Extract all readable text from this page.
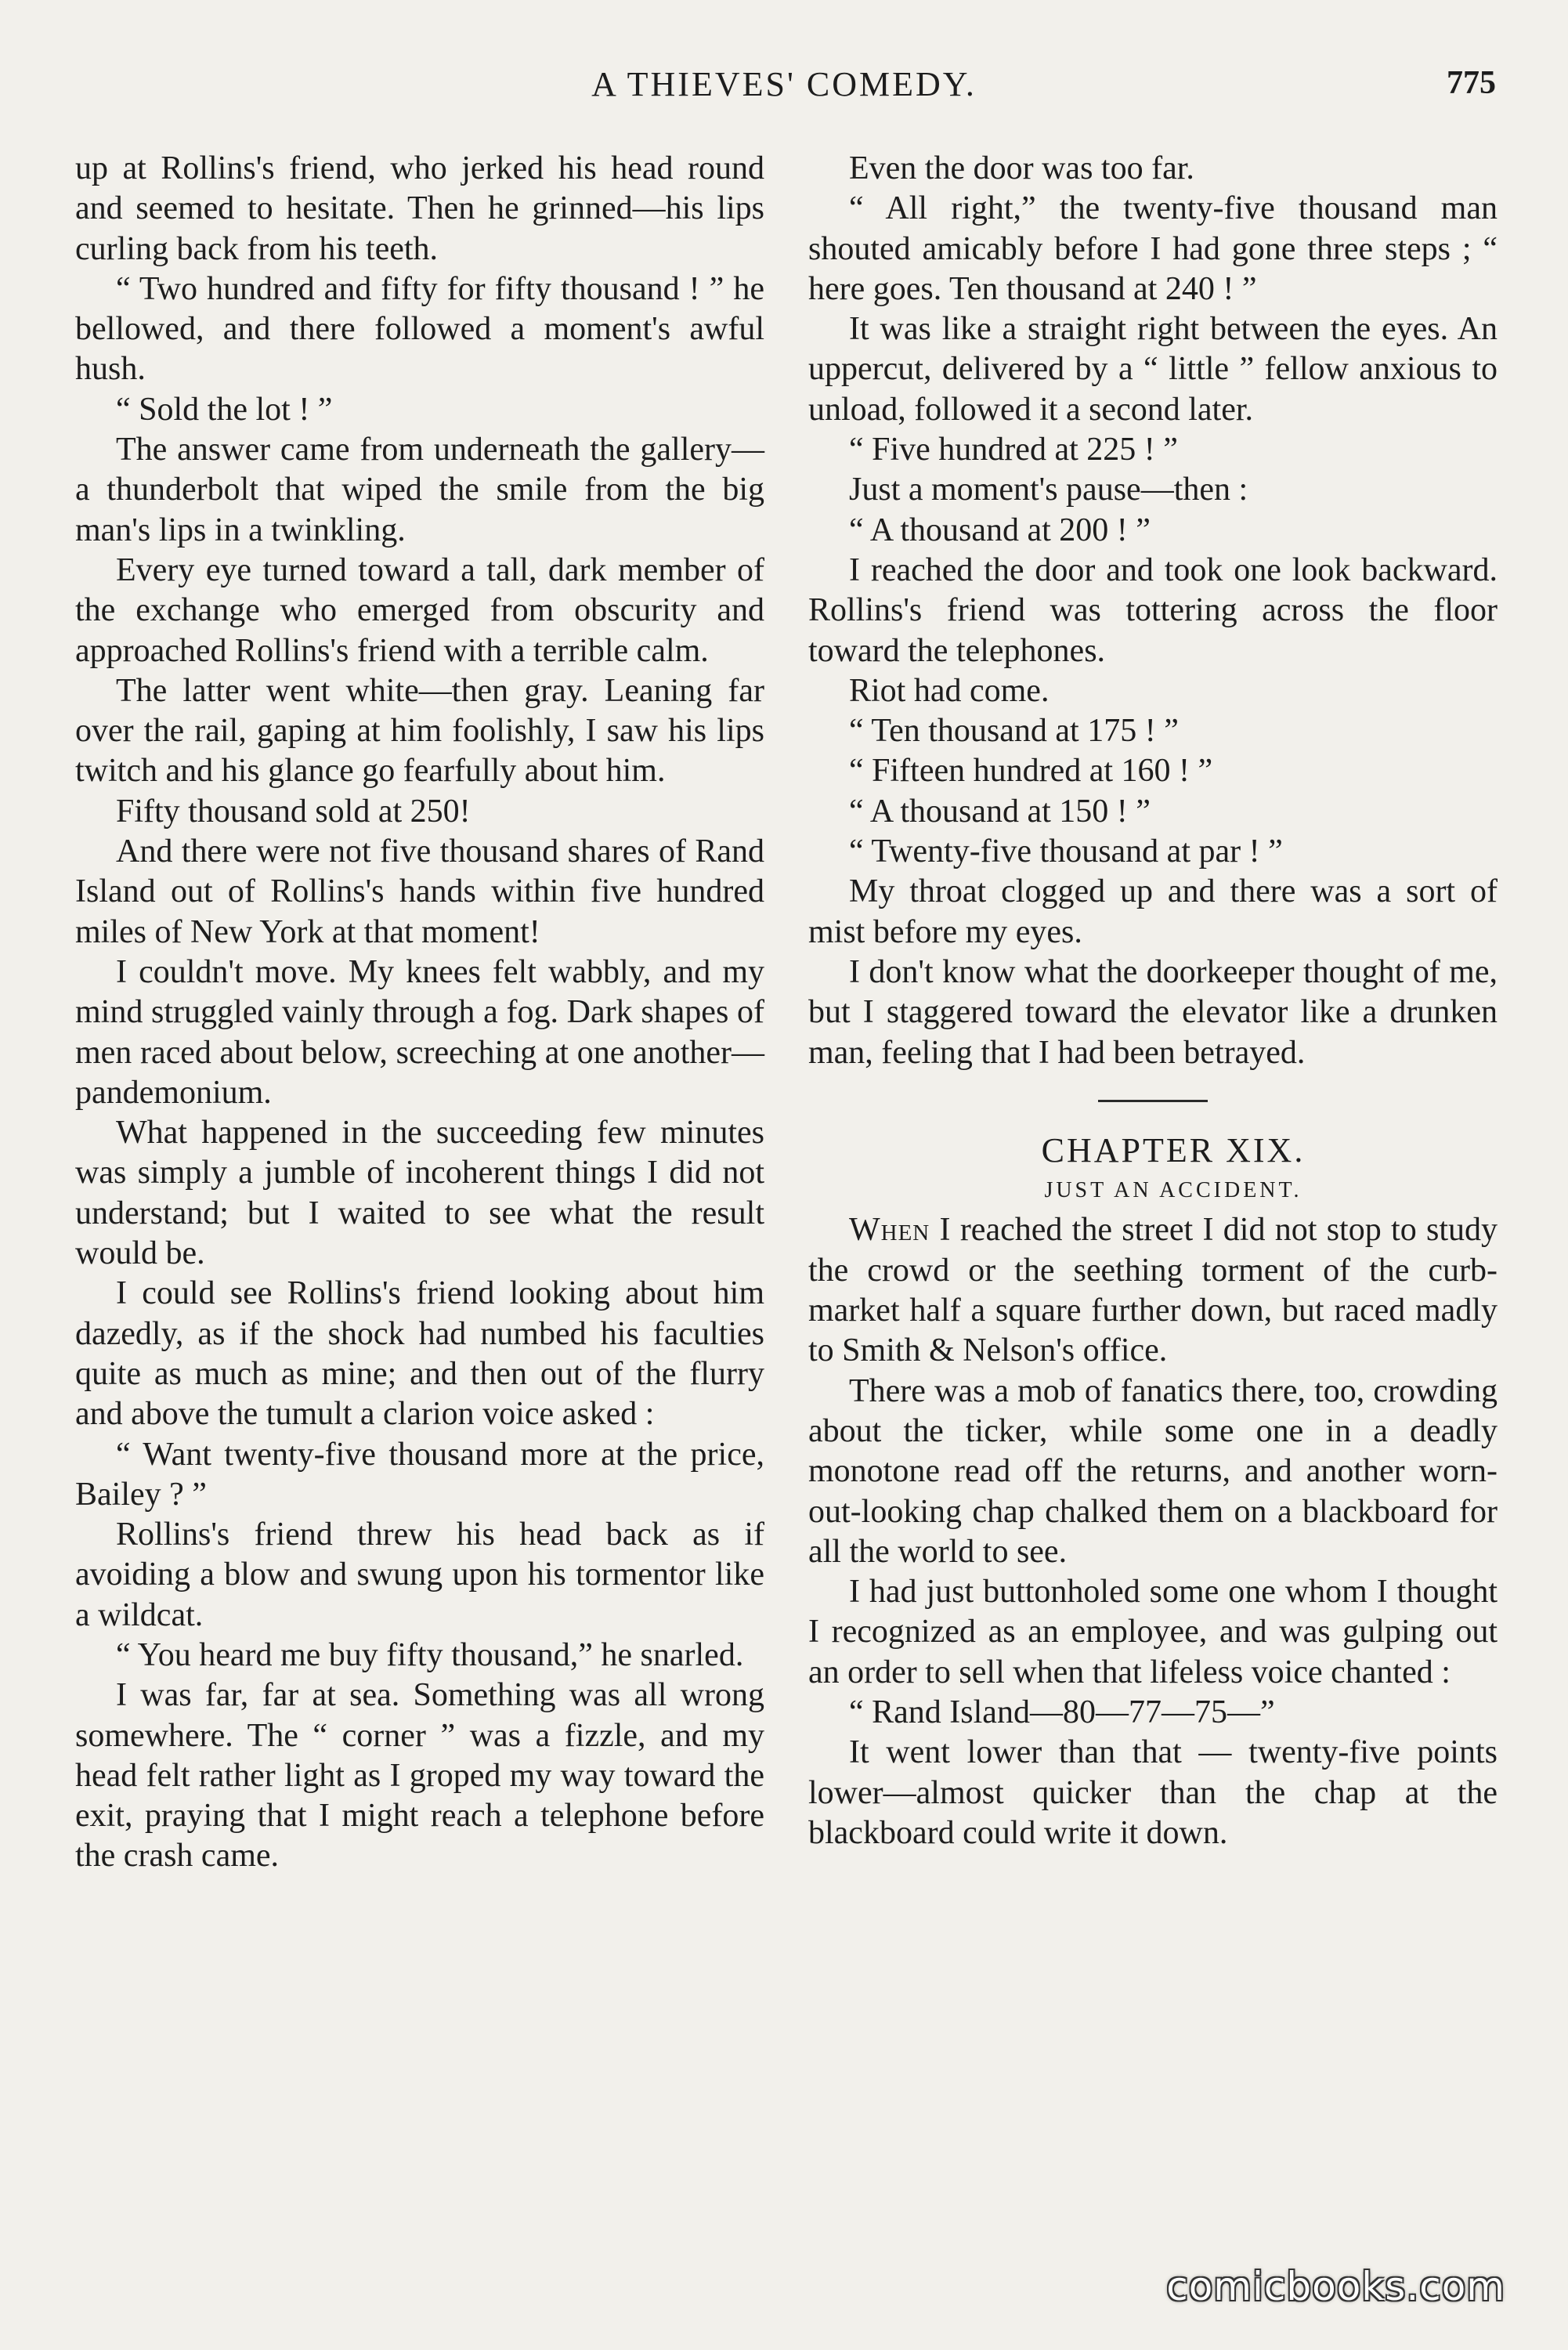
A THIEVES' COMEDY.	775

up at Rollins's friend, who jerked his head round and seemed to hesitate. Then he grinned—his lips curling back from his teeth.

“ Two hundred and fifty for fifty thousand ! ” he bellowed, and there followed a moment's awful hush.

“ Sold the lot ! ”

The answer came from underneath the gallery—a thunderbolt that wiped the smile from the big man's lips in a twinkling.

Every eye turned toward a tall, dark member of the exchange who emerged from obscurity and approached Rollins's friend with a terrible calm.

The latter went white—then gray. Leaning far over the rail, gaping at him foolishly, I saw his lips twitch and his glance go fearfully about him.

Fifty thousand sold at 250!

And there were not five thousand shares of Rand Island out of Rollins's hands within five hundred miles of New York at that moment!

I couldn't move. My knees felt wabbly, and my mind struggled vainly through a fog. Dark shapes of men raced about below, screeching at one another—pandemonium.

What happened in the succeeding few minutes was simply a jumble of incoherent things I did not understand; but I waited to see what the result would be.

I could see Rollins's friend looking about him dazedly, as if the shock had numbed his faculties quite as much as mine; and then out of the flurry and above the tumult a clarion voice asked :

“ Want twenty-five thousand more at the price, Bailey ? ”

Rollins's friend threw his head back as if avoiding a blow and swung upon his tormentor like a wildcat.

“ You heard me buy fifty thousand,” he snarled.

I was far, far at sea. Something was all wrong somewhere. The “ corner ” was a fizzle, and my head felt rather light as I groped my way toward the exit, praying that I might reach a telephone before the crash came.

Even the door was too far.

“ All right,” the twenty-five thousand man shouted amicably before I had gone three steps ; “ here goes. Ten thousand at 240 ! ”

It was like a straight right between the eyes. An uppercut, delivered by a “ little ” fellow anxious to unload, followed it a second later.

“ Five hundred at 225 ! ”

Just a moment's pause—then :

“ A thousand at 200 ! ”

I reached the door and took one look backward. Rollins's friend was tottering across the floor toward the telephones.

Riot had come.

“ Ten thousand at 175 ! ”

“ Fifteen hundred at 160 ! ”

“ A thousand at 150 ! ”

“ Twenty-five thousand at par ! ”

My throat clogged up and there was a sort of mist before my eyes.

I don't know what the doorkeeper thought of me, but I staggered toward the elevator like a drunken man, feeling that I had been betrayed.

CHAPTER XIX.

JUST AN ACCIDENT.

When I reached the street I did not stop to study the crowd or the seething torment of the curb-market half a square further down, but raced madly to Smith & Nelson's office.

There was a mob of fanatics there, too, crowding about the ticker, while some one in a deadly monotone read off the returns, and another worn-out-looking chap chalked them on a blackboard for all the world to see.

I had just buttonholed some one whom I thought I recognized as an employee, and was gulping out an order to sell when that lifeless voice chanted :

“ Rand Island—80—77—75—”

It went lower than that — twenty-five points lower—almost quicker than the chap at the blackboard could write it down.

comicbooks.com
